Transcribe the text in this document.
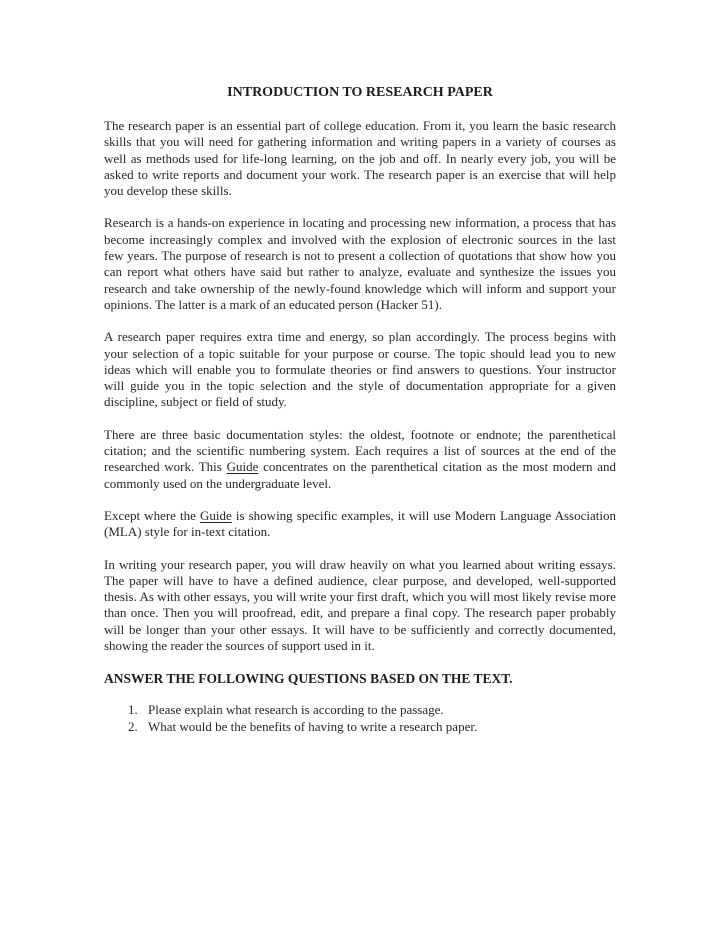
INTRODUCTION TO RESEARCH PAPER

The research paper is an essential part of college education. From it, you learn the basic research skills that you will need for gathering information and writing papers in a variety of courses as well as methods used for life-long learning, on the job and off. In nearly every job, you will be asked to write reports and document your work. The research paper is an exercise that will help you develop these skills.

Research is a hands-on experience in locating and processing new information, a process that has become increasingly complex and involved with the explosion of electronic sources in the last few years. The purpose of research is not to present a collection of quotations that show how you can report what others have said but rather to analyze, evaluate and synthesize the issues you research and take ownership of the newly-found knowledge which will inform and support your opinions. The latter is a mark of an educated person (Hacker 51).

A research paper requires extra time and energy, so plan accordingly. The process begins with your selection of a topic suitable for your purpose or course. The topic should lead you to new ideas which will enable you to formulate theories or find answers to questions. Your instructor will guide you in the topic selection and the style of documentation appropriate for a given discipline, subject or field of study.

There are three basic documentation styles: the oldest, footnote or endnote; the parenthetical citation; and the scientific numbering system. Each requires a list of sources at the end of the researched work. This Guide concentrates on the parenthetical citation as the most modern and commonly used on the undergraduate level.

Except where the Guide is showing specific examples, it will use Modern Language Association (MLA) style for in-text citation.

In writing your research paper, you will draw heavily on what you learned about writing essays. The paper will have to have a defined audience, clear purpose, and developed, well-supported thesis. As with other essays, you will write your first draft, which you will most likely revise more than once. Then you will proofread, edit, and prepare a final copy. The research paper probably will be longer than your other essays. It will have to be sufficiently and correctly documented, showing the reader the sources of support used in it.

ANSWER THE FOLLOWING QUESTIONS BASED ON THE TEXT.
1. Please explain what research is according to the passage.
2. What would be the benefits of having to write a research paper.
